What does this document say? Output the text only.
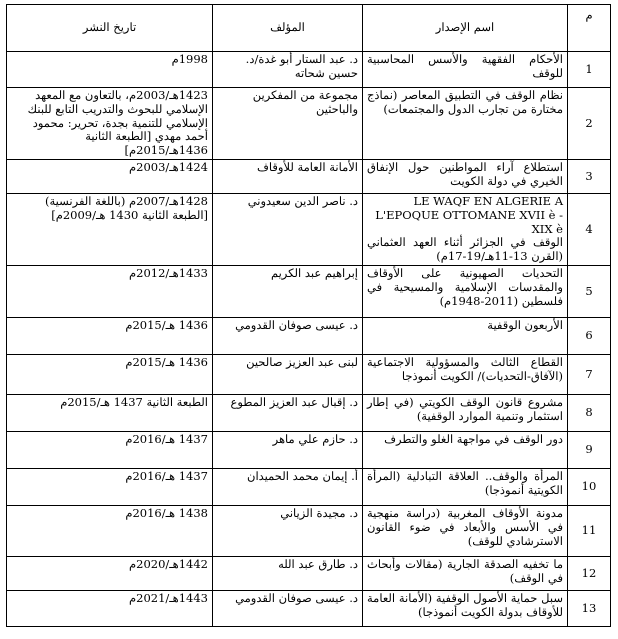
م	اسم الإصدار	المؤلف	تاريخ النشر
1	الأحكام الفقهية والأسس المحاسبية للوقف	د. عبد الستار أبو غدة/د. حسين شحاته	1998م
2	نظام الوقف في التطبيق المعاصر (نماذج مختارة من تجارب الدول والمجتمعات)	مجموعة من المفكرين والباحثين	1423هـ/2003م، بالتعاون مع المعهد الإسلامي للبحوث والتدريب التابع للبنك الإسلامي للتنمية بجدة، تحرير: محمود أحمد مهدي [الطبعة الثانية 1436هـ/2015م]
3	استطلاع آراء المواطنين حول الإنفاق الخيري في دولة الكويت	الأمانة العامة للأوقاف	1424هـ/2003م
4	LE WAQF EN ALGERIE A L'EPOQUE OTTOMANE XVII è - XIX è
الوقف في الجزائر أثناء العهد العثماني (القرن 13-11هـ/19-17م)	د. ناصر الدين سعيدوني	1428هـ/2007م (باللغة الفرنسية) [الطبعة الثانية 1430 هـ/2009م]
5	التحديات الصهيونية على الأوقاف والمقدسات الإسلامية والمسيحية في فلسطين (2011-1948م)	إبراهيم عبد الكريم	1433هـ/2012م
6	الأربعون الوقفية	د. عيسى صوفان القدومي	1436 هـ/2015م
7	القطاع الثالث والمسؤولية الاجتماعية (الآفاق-التحديات)/ الكويت أنموذجا	لبنى عبد العزيز صالحين	1436 هـ/2015م
8	مشروع قانون الوقف الكويتي (في إطار استثمار وتنمية الموارد الوقفية)	د. إقبال عبد العزيز المطوع	الطبعة الثانية 1437 هـ/2015م
9	دور الوقف في مواجهة الغلو والتطرف	د. حازم علي ماهر	1437 هـ/2016م
10	المرأة والوقف.. العلاقة التبادلية (المرأة الكويتية أنموذجا)	أ. إيمان محمد الحميدان	1437 هـ/2016م
11	مدونة الأوقاف المغربية (دراسة منهجية في الأسس والأبعاد في ضوء القانون الاسترشادي للوقف)	د. مجيدة الزياني	1438 هـ/2016م
12	ما تخفيه الصدقة الجارية (مقالات وأبحاث في الوقف)	د. طارق عبد الله	1442هـ/2020م
13	سبل حماية الأصول الوقفية (الأمانة العامة للأوقاف بدولة الكويت أنموذجا)	د. عيسى صوفان القدومي	1443هـ/2021م
